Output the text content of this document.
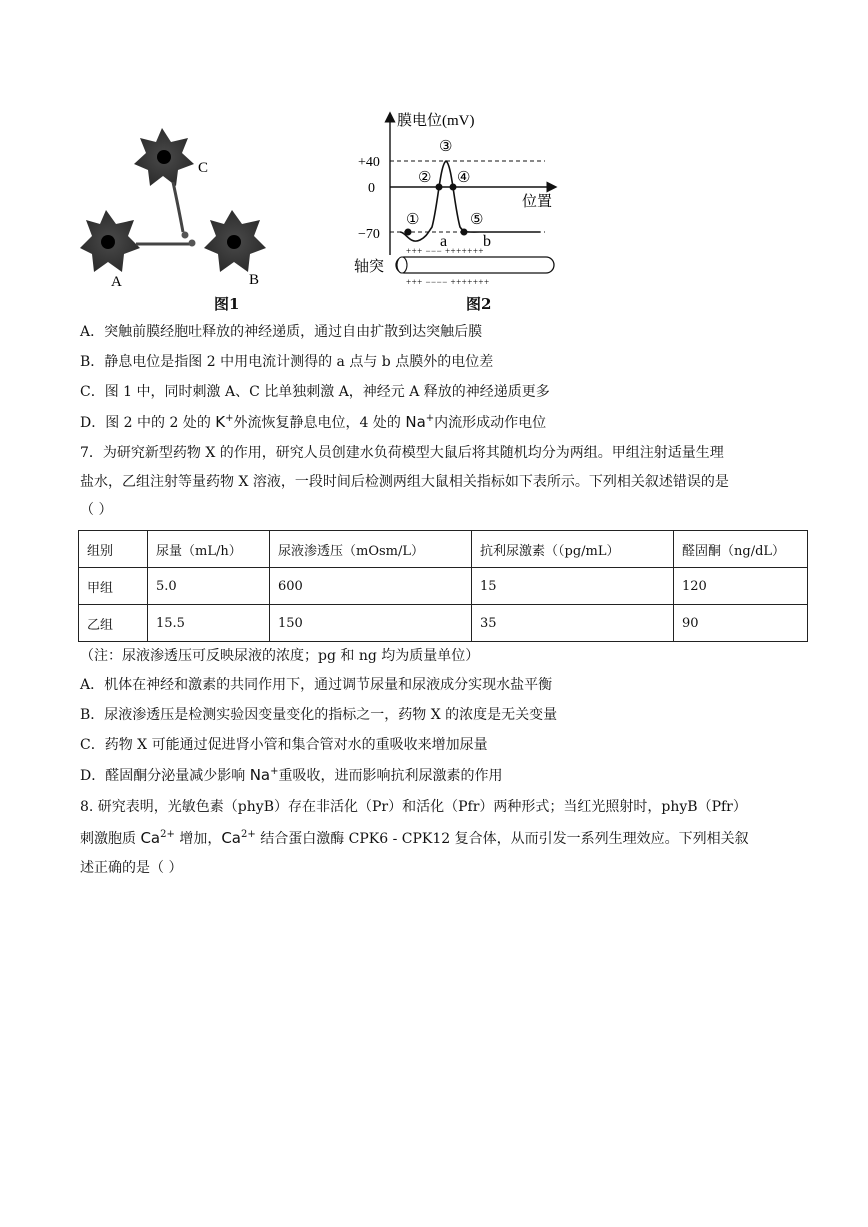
C
A	B
图1
+40
0
−70
膜电位(mV)
位置
①
②
③
④
⑤
a b
轴突
+++ −−− +++++++
+++ −−−− +++++++
图2
A．突触前膜经胞吐释放的神经递质，通过自由扩散到达突触后膜
B．静息电位是指图 2 中用电流计测得的 a 点与 b 点膜外的电位差
C．图 1 中，同时刺激 A、C 比单独刺激 A，神经元 A 释放的神经递质更多
D．图 2 中的 2 处的 K+外流恢复静息电位，4 处的 Na+内流形成动作电位
7．为研究新型药物 X 的作用，研究人员创建水负荷模型大鼠后将其随机均分为两组。甲组注射适量生理
盐水，乙组注射等量药物 X 溶液，一段时间后检测两组大鼠相关指标如下表所示。下列相关叙述错误的是
（ ）
组别	尿量（mL/h）	尿液渗透压（mOsm/L）	抗利尿激素（（pg/mL）	醛固酮（ng/dL）
甲组	5.0	600	15	120
乙组	15.5	150	35	90
（注：尿液渗透压可反映尿液的浓度；pg 和 ng 均为质量单位）
A．机体在神经和激素的共同作用下，通过调节尿量和尿液成分实现水盐平衡
B．尿液渗透压是检测实验因变量变化的指标之一，药物 X 的浓度是无关变量
C．药物 X 可能通过促进肾小管和集合管对水的重吸收来增加尿量
D．醛固酮分泌量减少影响 Na+重吸收，进而影响抗利尿激素的作用
8. 研究表明，光敏色素（phyB）存在非活化（Pr）和活化（Pfr）两种形式；当红光照射时，phyB（Pfr）
刺激胞质 $Ca^{2+}$ 增加，$Ca^{2+}$ 结合蛋白激酶 CPK6 - CPK12 复合体，从而引发一系列生理效应。下列相关叙
述正确的是（ ）
